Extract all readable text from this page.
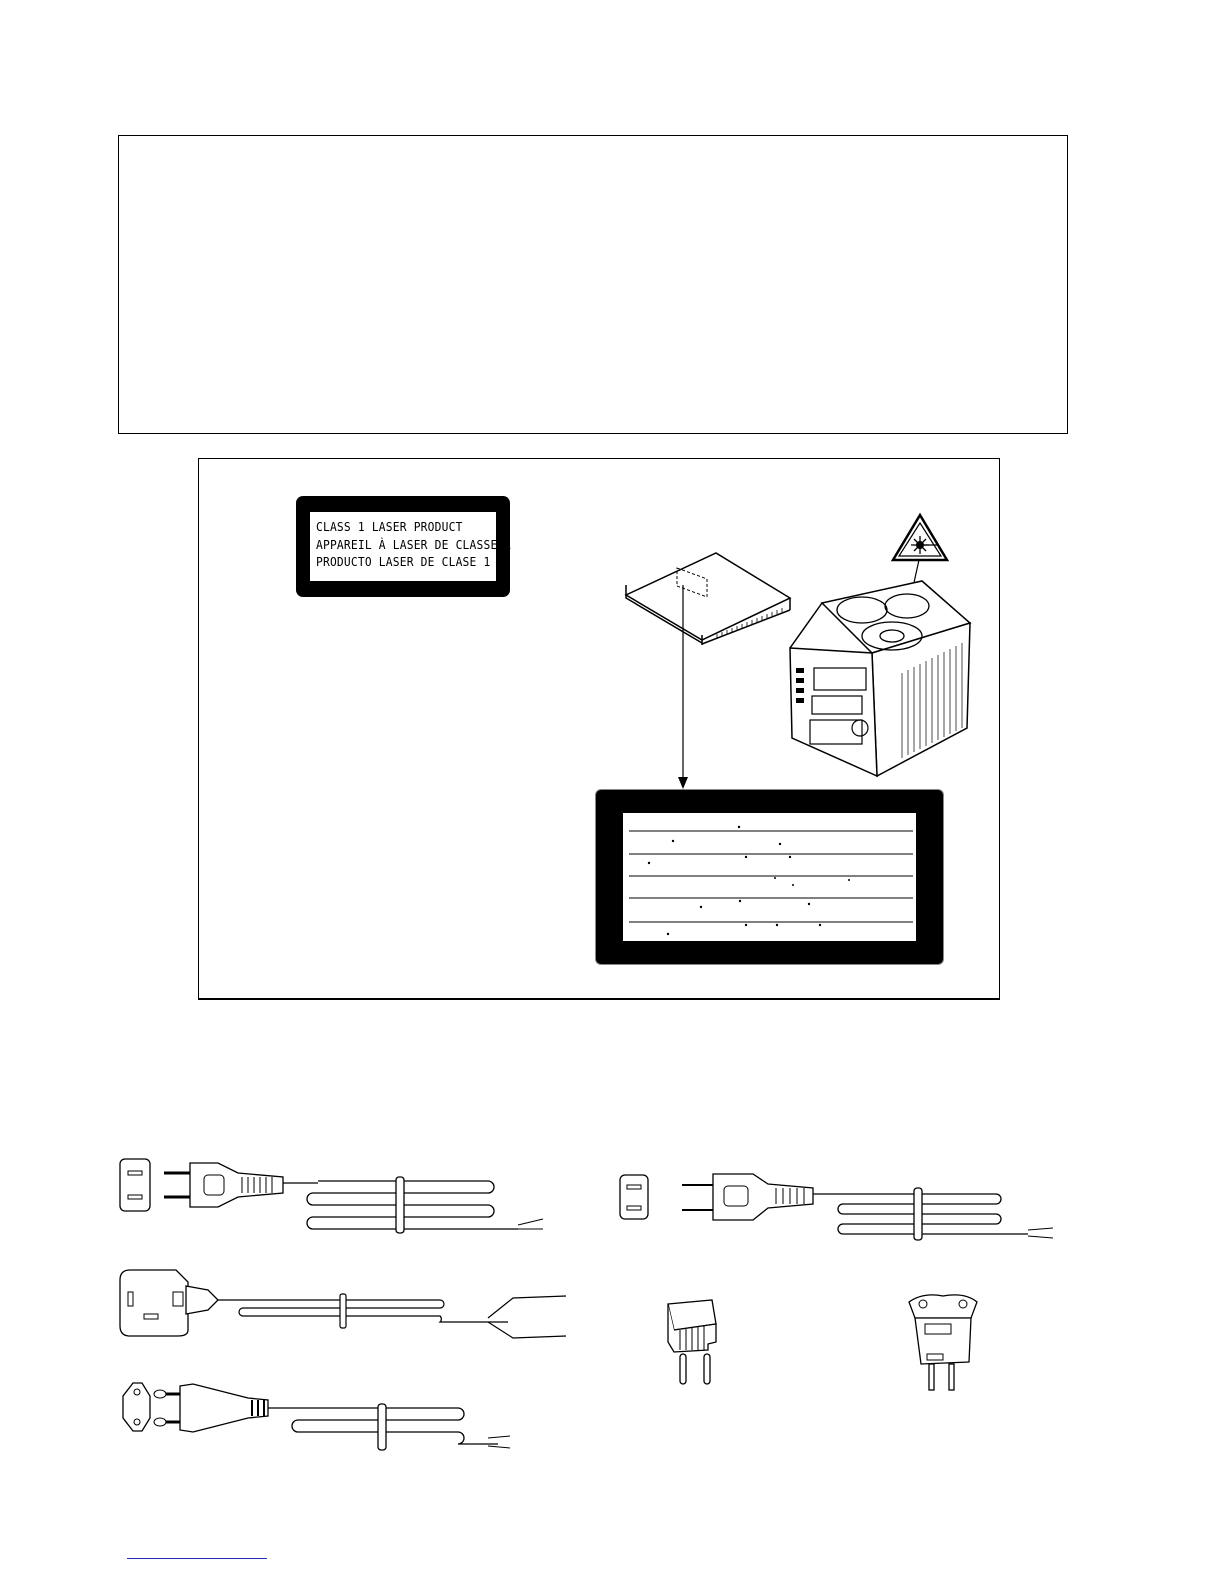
CLASS 1 LASER PRODUCT
APPAREIL À LASER DE CLASSE 1
PRODUCTO LASER DE CLASE 1
